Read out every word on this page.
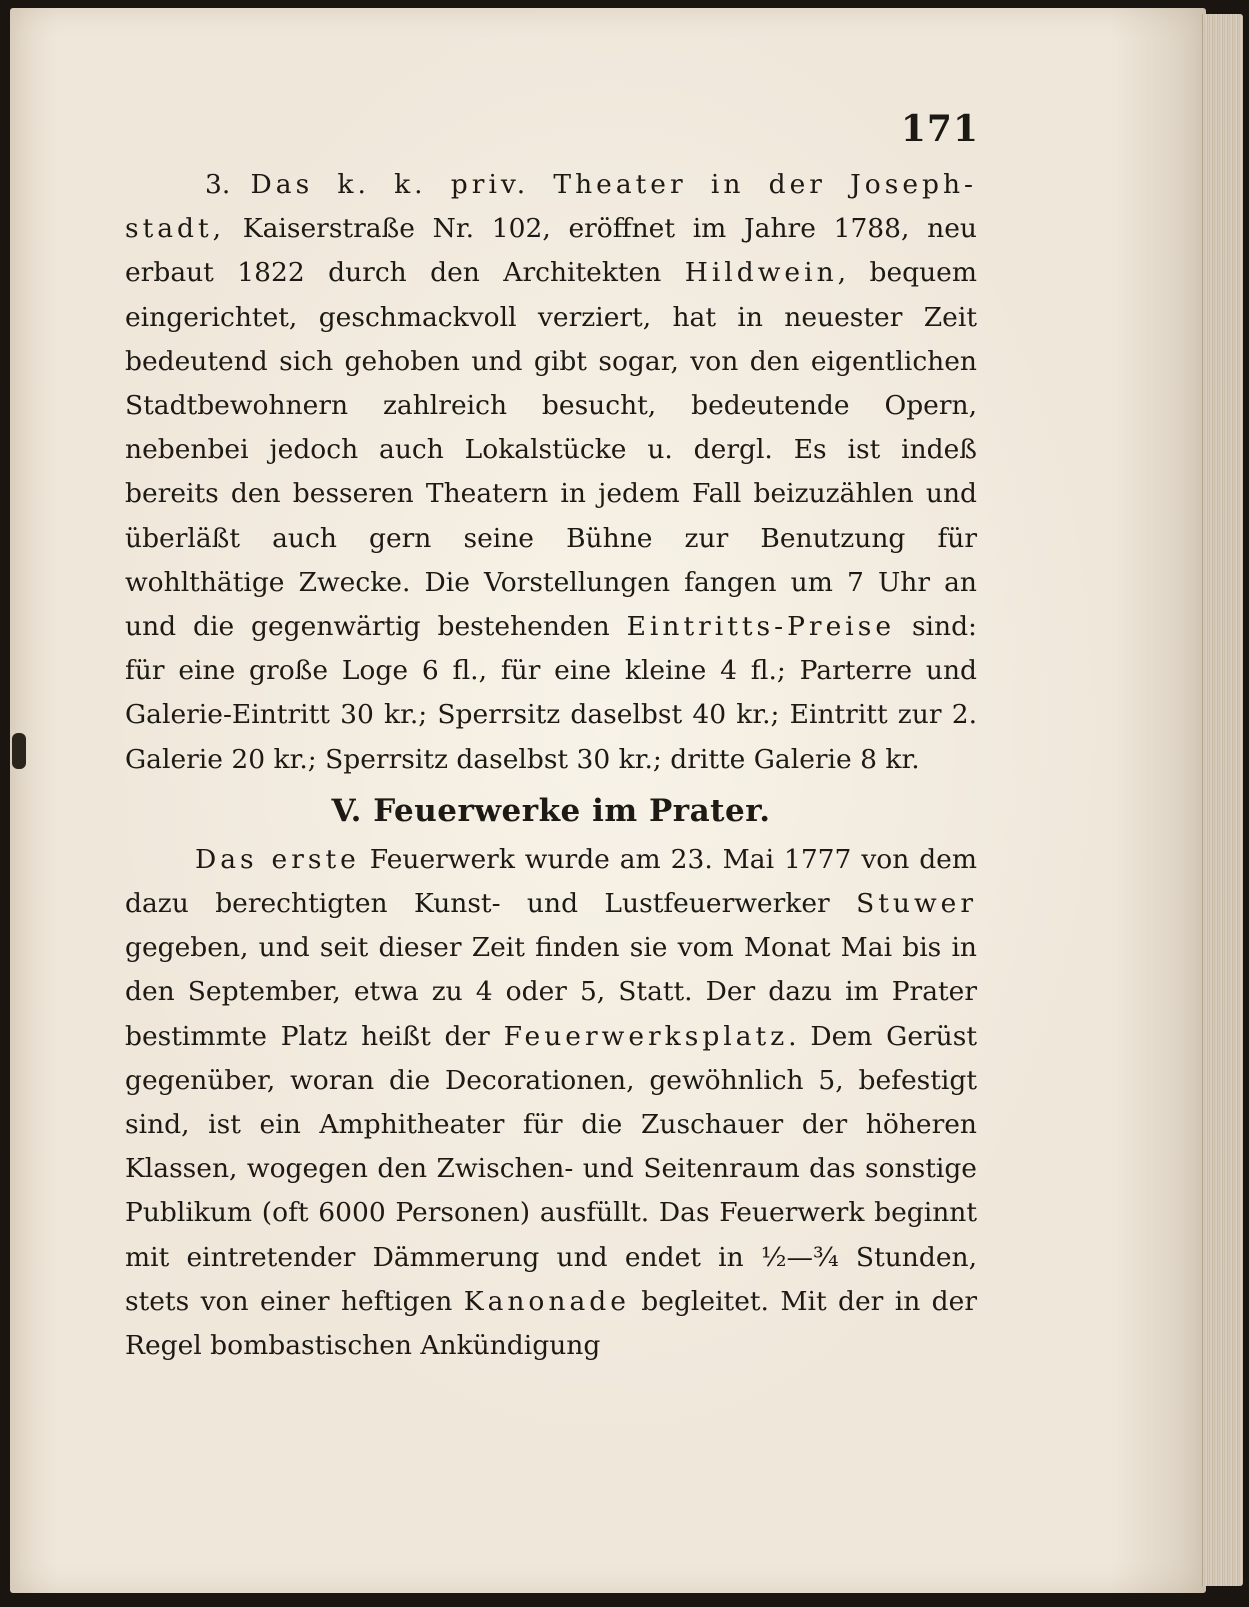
171

3. Das k. k. priv. Theater in der Joseph-stadt, Kaiserstraße Nr. 102, eröffnet im Jahre 1788, neu erbaut 1822 durch den Architekten Hildwein, bequem eingerichtet, geschmackvoll verziert, hat in neuester Zeit bedeutend sich gehoben und gibt sogar, von den eigentlichen Stadtbewohnern zahlreich besucht, bedeutende Opern, nebenbei jedoch auch Lokalstücke u. dergl. Es ist indeß bereits den besseren Theatern in jedem Fall beizuzählen und überläßt auch gern seine Bühne zur Benutzung für wohlthätige Zwecke. Die Vorstellungen fangen um 7 Uhr an und die gegenwärtig bestehenden Eintritts-Preise sind: für eine große Loge 6 fl., für eine kleine 4 fl.; Parterre und Galerie-Eintritt 30 kr.; Sperrsitz daselbst 40 kr.; Eintritt zur 2. Galerie 20 kr.; Sperrsitz daselbst 30 kr.; dritte Galerie 8 kr.

V. Feuerwerke im Prater.

Das erste Feuerwerk wurde am 23. Mai 1777 von dem dazu berechtigten Kunst- und Lustfeuerwerker Stuwer gegeben, und seit dieser Zeit finden sie vom Monat Mai bis in den September, etwa zu 4 oder 5, Statt. Der dazu im Prater bestimmte Platz heißt der Feuerwerksplatz. Dem Gerüst gegenüber, woran die Decorationen, gewöhnlich 5, befestigt sind, ist ein Amphitheater für die Zuschauer der höheren Klassen, wogegen den Zwischen- und Seitenraum das sonstige Publikum (oft 6000 Personen) ausfüllt. Das Feuerwerk beginnt mit eintretender Dämmerung und endet in ½—¾ Stunden, stets von einer heftigen Kanonade begleitet. Mit der in der Regel bombastischen Ankündigung
